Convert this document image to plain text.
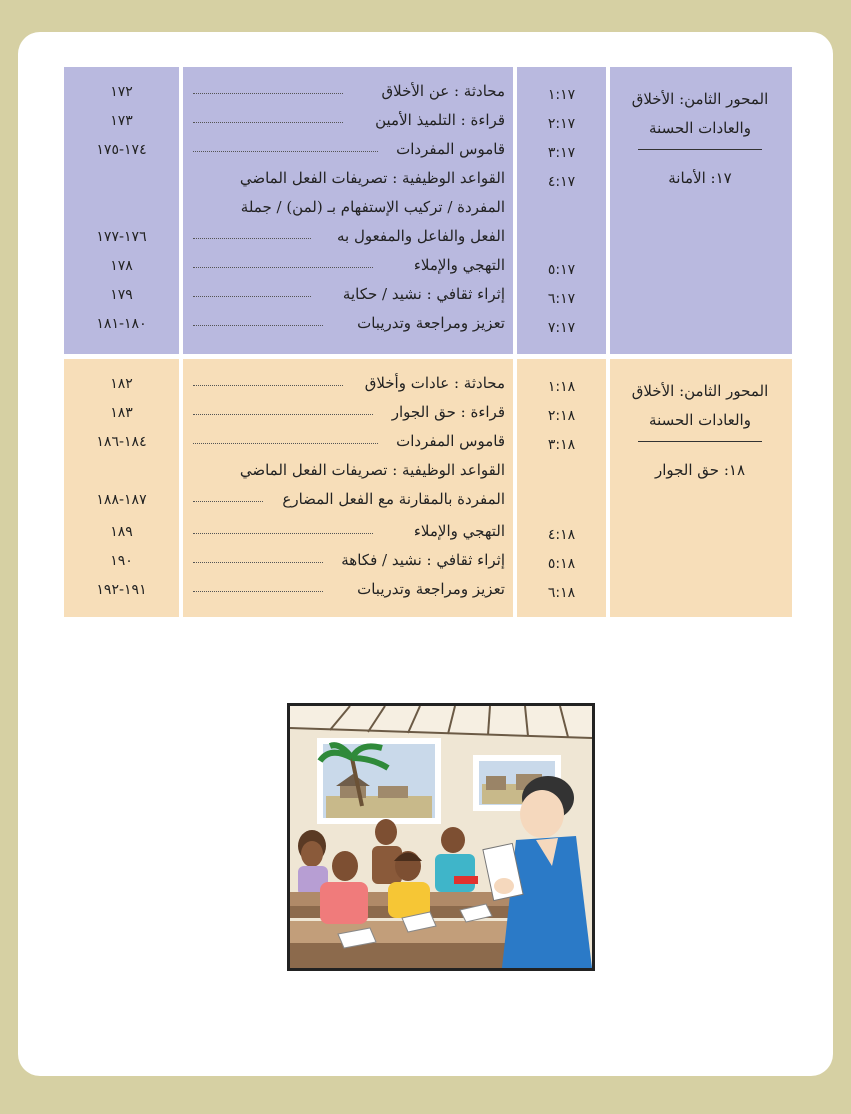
المحور الثامن: الأخلاق والعادات الحسنة
١٧: الأمانة
١:١٧
٢:١٧
٣:١٧
٤:١٧
٥:١٧
٦:١٧
٧:١٧
محادثة : عن الأخلاق
قراءة : التلميذ الأمين
قاموس المفردات
القواعد الوظيفية : تصريفات الفعل الماضي
المفردة / تركيب الإستفهام بـ (لمن) / جملة
الفعل والفاعل والمفعول به
التهجي والإملاء
إثراء ثقافي : نشيد / حكاية
تعزيز ومراجعة وتدريبات
١٧٢
١٧٣
١٧٤-١٧٥
١٧٦-١٧٧
١٧٨
١٧٩
١٨٠-١٨١
المحور الثامن: الأخلاق والعادات الحسنة
١٨: حق الجوار
١:١٨
٢:١٨
٣:١٨
٤:١٨
٥:١٨
٦:١٨
محادثة : عادات وأخلاق
قراءة : حق الجوار
قاموس المفردات
القواعد الوظيفية : تصريفات الفعل الماضي
المفردة بالمقارنة مع الفعل المضارع
التهجي والإملاء
إثراء ثقافي : نشيد / فكاهة
تعزيز ومراجعة وتدريبات
١٨٢
١٨٣
١٨٤-١٨٦
١٨٧-١٨٨
١٨٩
١٩٠
١٩١-١٩٢
